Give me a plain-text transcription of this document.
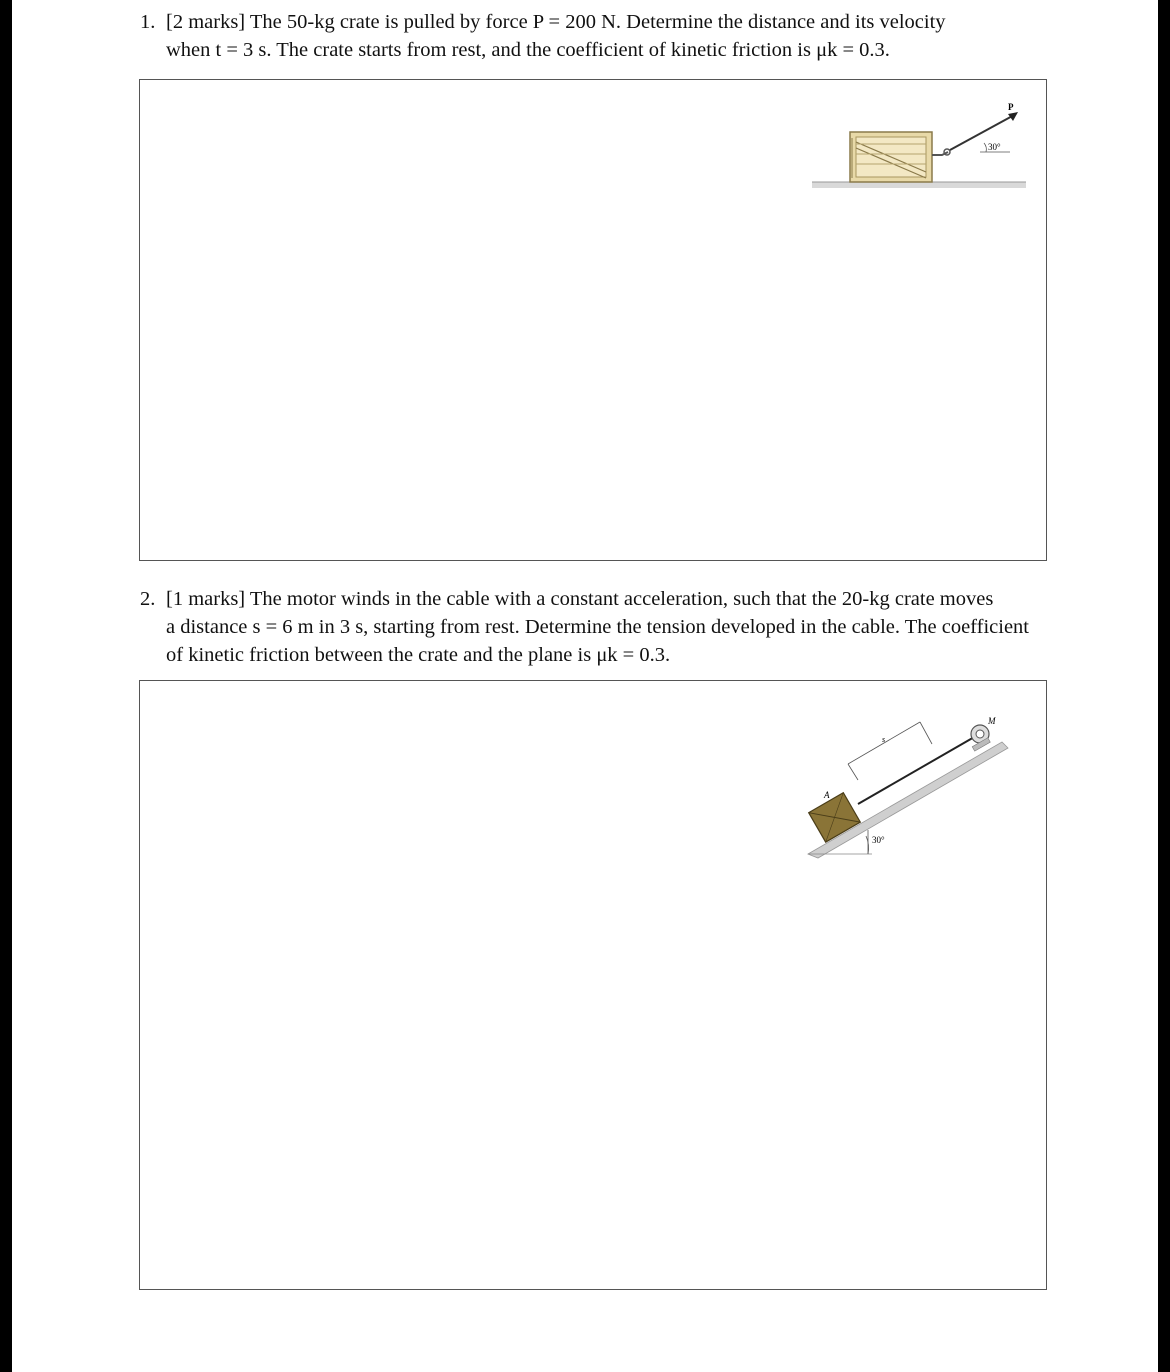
1. [2 marks] The 50-kg crate is pulled by force P = 200 N. Determine the distance and its velocity
when t = 3 s. The crate starts from rest, and the coefficient of kinetic friction is μk = 0.3.
P
30°
2. [1 marks] The motor winds in the cable with a constant acceleration, such that the 20-kg crate moves
a distance s = 6 m in 3 s, starting from rest. Determine the tension developed in the cable. The coefficient
of kinetic friction between the crate and the plane is μk = 0.3.
A
M
s
30°
